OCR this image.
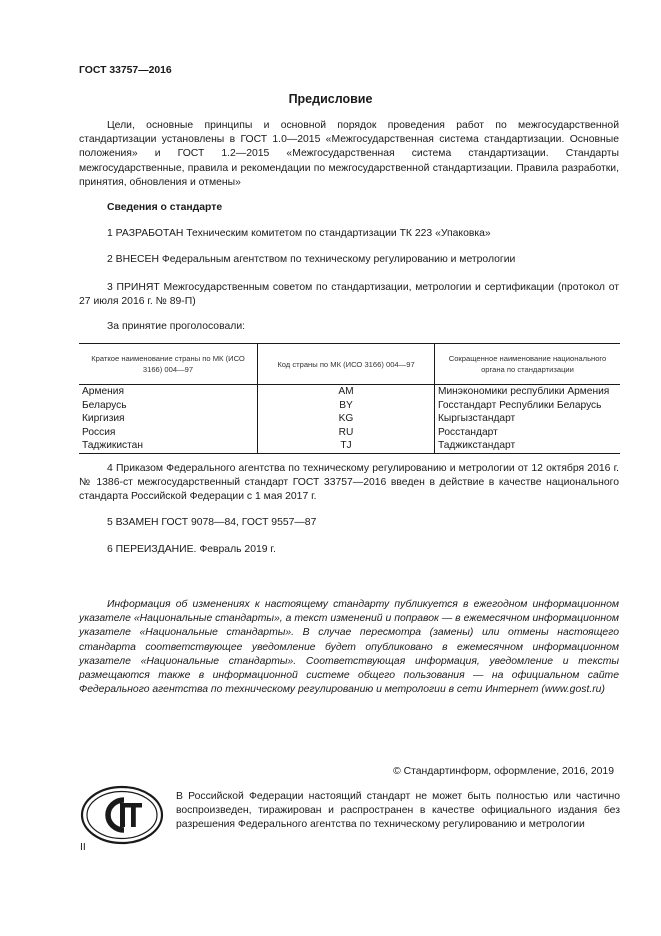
ГОСТ 33757—2016
Предисловие
Цели, основные принципы и основной порядок проведения работ по межгосударственной стандартизации установлены в ГОСТ 1.0—2015 «Межгосударственная система стандартизации. Основные положения» и ГОСТ 1.2—2015 «Межгосударственная система стандартизации. Стандарты межгосударственные, правила и рекомендации по межгосударственной стандартизации. Правила разработки, принятия, обновления и отмены»
Сведения о стандарте
1 РАЗРАБОТАН Техническим комитетом по стандартизации ТК 223 «Упаковка»
2 ВНЕСЕН Федеральным агентством по техническому регулированию и метрологии
3 ПРИНЯТ Межгосударственным советом по стандартизации, метрологии и сертификации (протокол от 27 июля 2016 г. № 89-П)
За принятие проголосовали:
Краткое наименование страны по МК (ИСО 3166) 004—97	Код страны по МК (ИСО 3166) 004—97	Сокращенное наименование национального органа по стандартизации
Армения	AM	Минэкономики республики Армения
Беларусь	BY	Госстандарт Республики Беларусь
Киргизия	KG	Кыргызстандарт
Россия	RU	Росстандарт
Таджикистан	TJ	Таджикстандарт
4 Приказом Федерального агентства по техническому регулированию и метрологии от 12 октября 2016 г. № 1386-ст межгосударственный стандарт ГОСТ 33757—2016 введен в действие в качестве национального стандарта Российской Федерации с 1 мая 2017 г.
5 ВЗАМЕН ГОСТ 9078—84, ГОСТ 9557—87
6 ПЕРЕИЗДАНИЕ. Февраль 2019 г.
Информация об изменениях к настоящему стандарту публикуется в ежегодном информационном указателе «Национальные стандарты», а текст изменений и поправок — в ежемесячном информационном указателе «Национальные стандарты». В случае пересмотра (замены) или отмены настоящего стандарта соответствующее уведомление будет опубликовано в ежемесячном информационном указателе «Национальные стандарты». Соответствующая информация, уведомление и тексты размещаются также в информационной системе общего пользования — на официальном сайте Федерального агентства по техническому регулированию и метрологии в сети Интернет (www.gost.ru)
© Стандартинформ, оформление, 2016, 2019
В Российской Федерации настоящий стандарт не может быть полностью или частично воспроизведен, тиражирован и распространен в качестве официального издания без разрешения Федерального агентства по техническому регулированию и метрологии
II
